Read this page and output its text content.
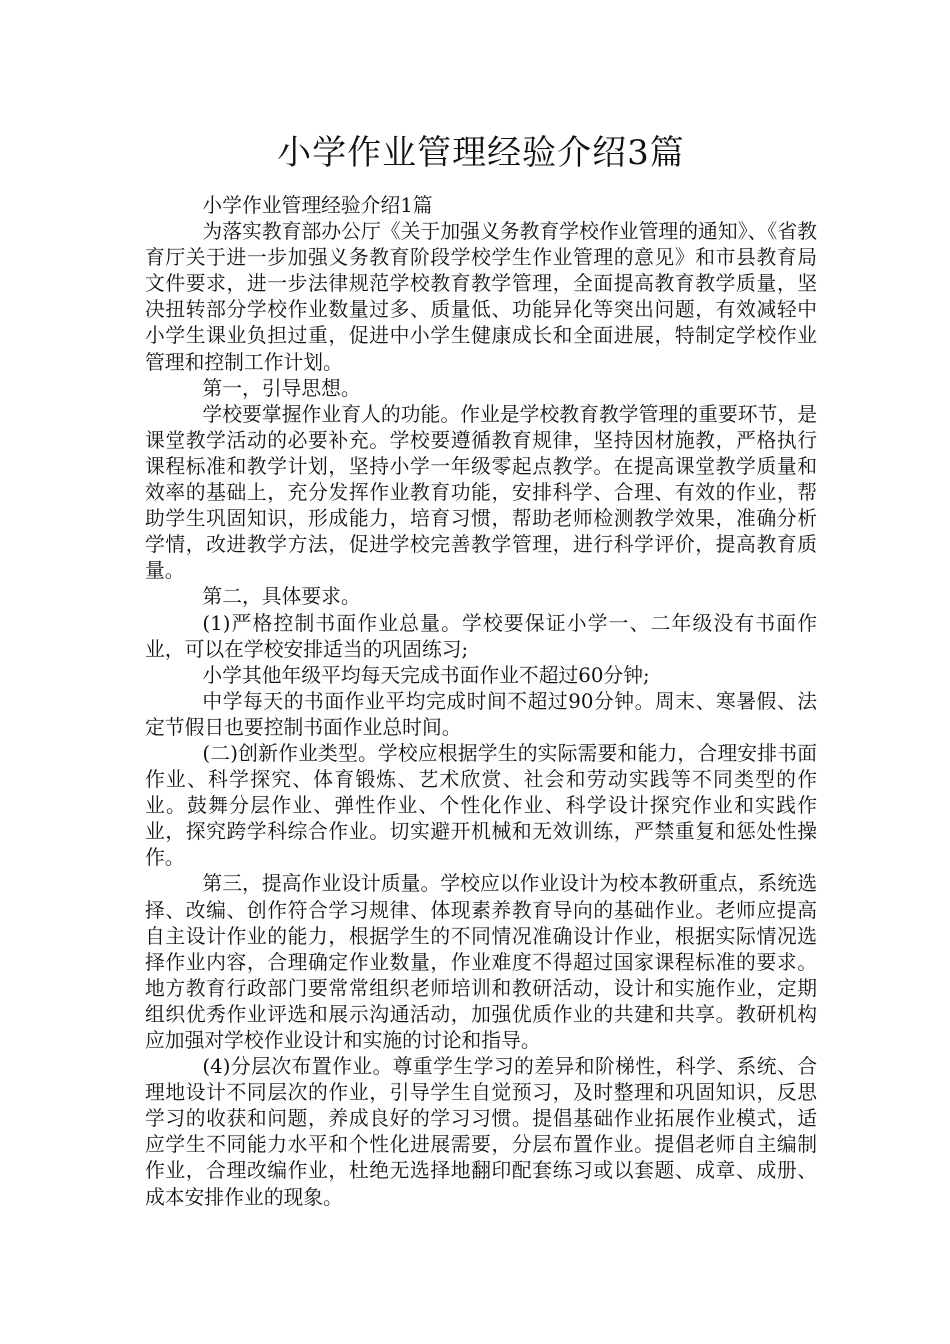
小学作业管理经验介绍3篇

小学作业管理经验介绍1篇

为落实教育部办公厅《关于加强义务教育学校作业管理的通知》、《省教育厅关于进一步加强义务教育阶段学校学生作业管理的意见》和市县教育局文件要求，进一步法律规范学校教育教学管理，全面提高教育教学质量，坚决扭转部分学校作业数量过多、质量低、功能异化等突出问题，有效减轻中小学生课业负担过重，促进中小学生健康成长和全面进展，特制定学校作业管理和控制工作计划。

第一，引导思想。

学校要掌握作业育人的功能。作业是学校教育教学管理的重要环节，是课堂教学活动的必要补充。学校要遵循教育规律，坚持因材施教，严格执行课程标准和教学计划，坚持小学一年级零起点教学。在提高课堂教学质量和效率的基础上，充分发挥作业教育功能，安排科学、合理、有效的作业，帮助学生巩固知识，形成能力，培育习惯，帮助老师检测教学效果，准确分析学情，改进教学方法，促进学校完善教学管理，进行科学评价，提高教育质量。

第二，具体要求。

(1)严格控制书面作业总量。学校要保证小学一、二年级没有书面作业，可以在学校安排适当的巩固练习;

小学其他年级平均每天完成书面作业不超过60分钟;

中学每天的书面作业平均完成时间不超过90分钟。周末、寒暑假、法定节假日也要控制书面作业总时间。

(二)创新作业类型。学校应根据学生的实际需要和能力，合理安排书面作业、科学探究、体育锻炼、艺术欣赏、社会和劳动实践等不同类型的作业。鼓舞分层作业、弹性作业、个性化作业、科学设计探究作业和实践作业，探究跨学科综合作业。切实避开机械和无效训练，严禁重复和惩处性操作。

第三，提高作业设计质量。学校应以作业设计为校本教研重点，系统选择、改编、创作符合学习规律、体现素养教育导向的基础作业。老师应提高自主设计作业的能力，根据学生的不同情况准确设计作业，根据实际情况选择作业内容，合理确定作业数量，作业难度不得超过国家课程标准的要求。地方教育行政部门要常常组织老师培训和教研活动，设计和实施作业，定期组织优秀作业评选和展示沟通活动，加强优质作业的共建和共享。教研机构应加强对学校作业设计和实施的讨论和指导。

(4)分层次布置作业。尊重学生学习的差异和阶梯性，科学、系统、合理地设计不同层次的作业，引导学生自觉预习，及时整理和巩固知识，反思学习的收获和问题，养成良好的学习习惯。提倡基础作业拓展作业模式，适应学生不同能力水平和个性化进展需要，分层布置作业。提倡老师自主编制作业，合理改编作业，杜绝无选择地翻印配套练习或以套题、成章、成册、成本安排作业的现象。
